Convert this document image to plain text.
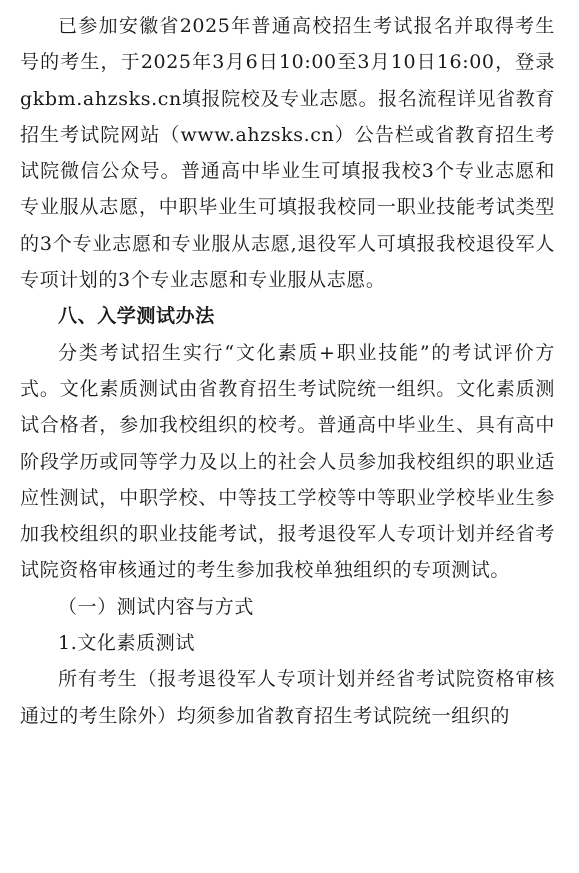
已参加安徽省2025年普通高校招生考试报名并取得考生号的考生，于2025年3月6日10:00至3月10日16:00，登录gkbm.ahzsks.cn填报院校及专业志愿。报名流程详见省教育招生考试院网站（www.ahzsks.cn）公告栏或省教育招生考试院微信公众号。普通高中毕业生可填报我校3个专业志愿和专业服从志愿，中职毕业生可填报我校同一职业技能考试类型的3个专业志愿和专业服从志愿,退役军人可填报我校退役军人专项计划的3个专业志愿和专业服从志愿。

八、入学测试办法

分类考试招生实行“文化素质+职业技能”的考试评价方式。文化素质测试由省教育招生考试院统一组织。文化素质测试合格者，参加我校组织的校考。普通高中毕业生、具有高中阶段学历或同等学力及以上的社会人员参加我校组织的职业适应性测试，中职学校、中等技工学校等中等职业学校毕业生参加我校组织的职业技能考试，报考退役军人专项计划并经省考试院资格审核通过的考生参加我校单独组织的专项测试。

（一）测试内容与方式

1.文化素质测试

所有考生（报考退役军人专项计划并经省考试院资格审核通过的考生除外）均须参加省教育招生考试院统一组织的
